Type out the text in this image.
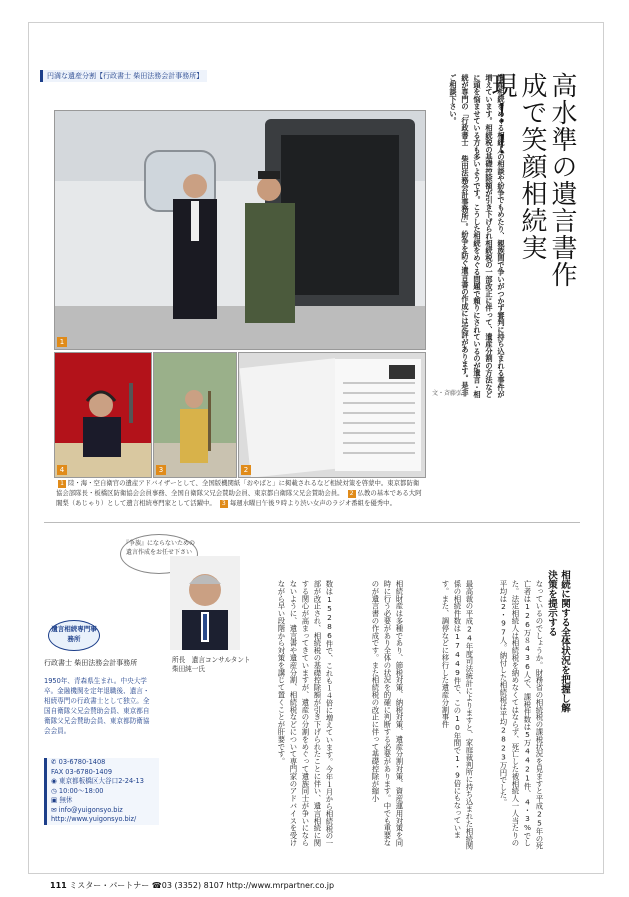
円満な遺産分割【行政書士 柴田法務会計事務所】	高水準の遺言書作成で笑顔相続実現!!
遺産相続をめぐる相続人の相談や紛争でもめたり、親族間で争いがつかず審判に持ち込まれる事件が増えています。相続税の基礎控除額が引き下げられ相続税の一部改正に伴って、遺産分割の方法などに頭を悩ませている方も多いようです。こうした相続をめぐる問題で頼りにされているのが遺言・相続が専門の「行政書士 柴田法務会計事務所」。紛争を防ぐ遺言書の作成には定評があります。是非ご相談下さい。
文・斉藤弘
1
4	3	2
1 陸・海・空自衛官の遺産アドバイザーとして、全国版機関紙「おやばと」に掲載されるなど相続対策を啓蒙中。東京都防衛協会部隊長・板橋区防衛協会会員事務、全国自衛隊父兄会賛助会員、東京都自衛隊父兄会賛助会員。 2 仏教の基本である大阿闍梨（あじゃり）として遺言相続専門家として活躍中。 3 毎週水曜日午後９時より渋い女声のラジオ番組を優秀中。
『争族』にならないための遺言作成をお任せ下さい
所長　遺言コンサルタント
柴田純一氏
遺言相続専門事務所
行政書士 柴田法務会計事務所
1950年、青森県生まれ。中央大学卒。金融機関を定年退職後、遺言・相続専門の行政書士として独立。全国自衛隊父兄会賛助会員、東京都自衛隊父兄会賛助会員、東京都防衛協会会員。
✆ 03-6780-1408
FAX 03-6780-1409
◉ 東京都板橋区大谷口2-24-13
◷ 10:00～18:00
▣ 無休
✉ info@yuigonsyo.biz
http://www.yuigonsyo.biz/
相続に関する全体状況を把握し解決策を提示する
最高裁の平成24年度司法統計によりますと、家庭裁判所に持ち込まれた相続関係の相続件数は17449件で、この10年間で1・9倍にもなっています。また、調停などに移行した遺産分割事件
数は15286件で、これも１４倍に増えています。今年１月から相続税の一部が改正され、相続税の基礎控除額が引き下げられたことに伴い、遺言相続に関する関心が高まってきていますが、遺産の分割をめぐって遺族同士が争いにならないように、遺言書や遺産分割、相続税などについて専門家のアドバイスを受けながら早い段階から対策を講じて置くことが肝要です。	相続財産は多種であり、節税対策、納税対策、遺産分割対策、資産運用対策を同時に行う必要があり全体の状況を的確に判断する必要があります。中でも重要なのが遺言書の作成です。また相続税の改正に伴って基礎控除が縮小	なっているのでしょうか。財務省の相続税の課税状況を見ますと平成25年の死亡者は126万８436人で、課税件数は5万4421件、4・3%でした。法定相続人は相続税を納めなくてはならず、死亡した被相続人一人当たりの平均は2・97人。納付した相続税は平均2823万円でした。
111 ミスター・パートナー ☎03 (3352) 8107 http://www.mrpartner.co.jp
